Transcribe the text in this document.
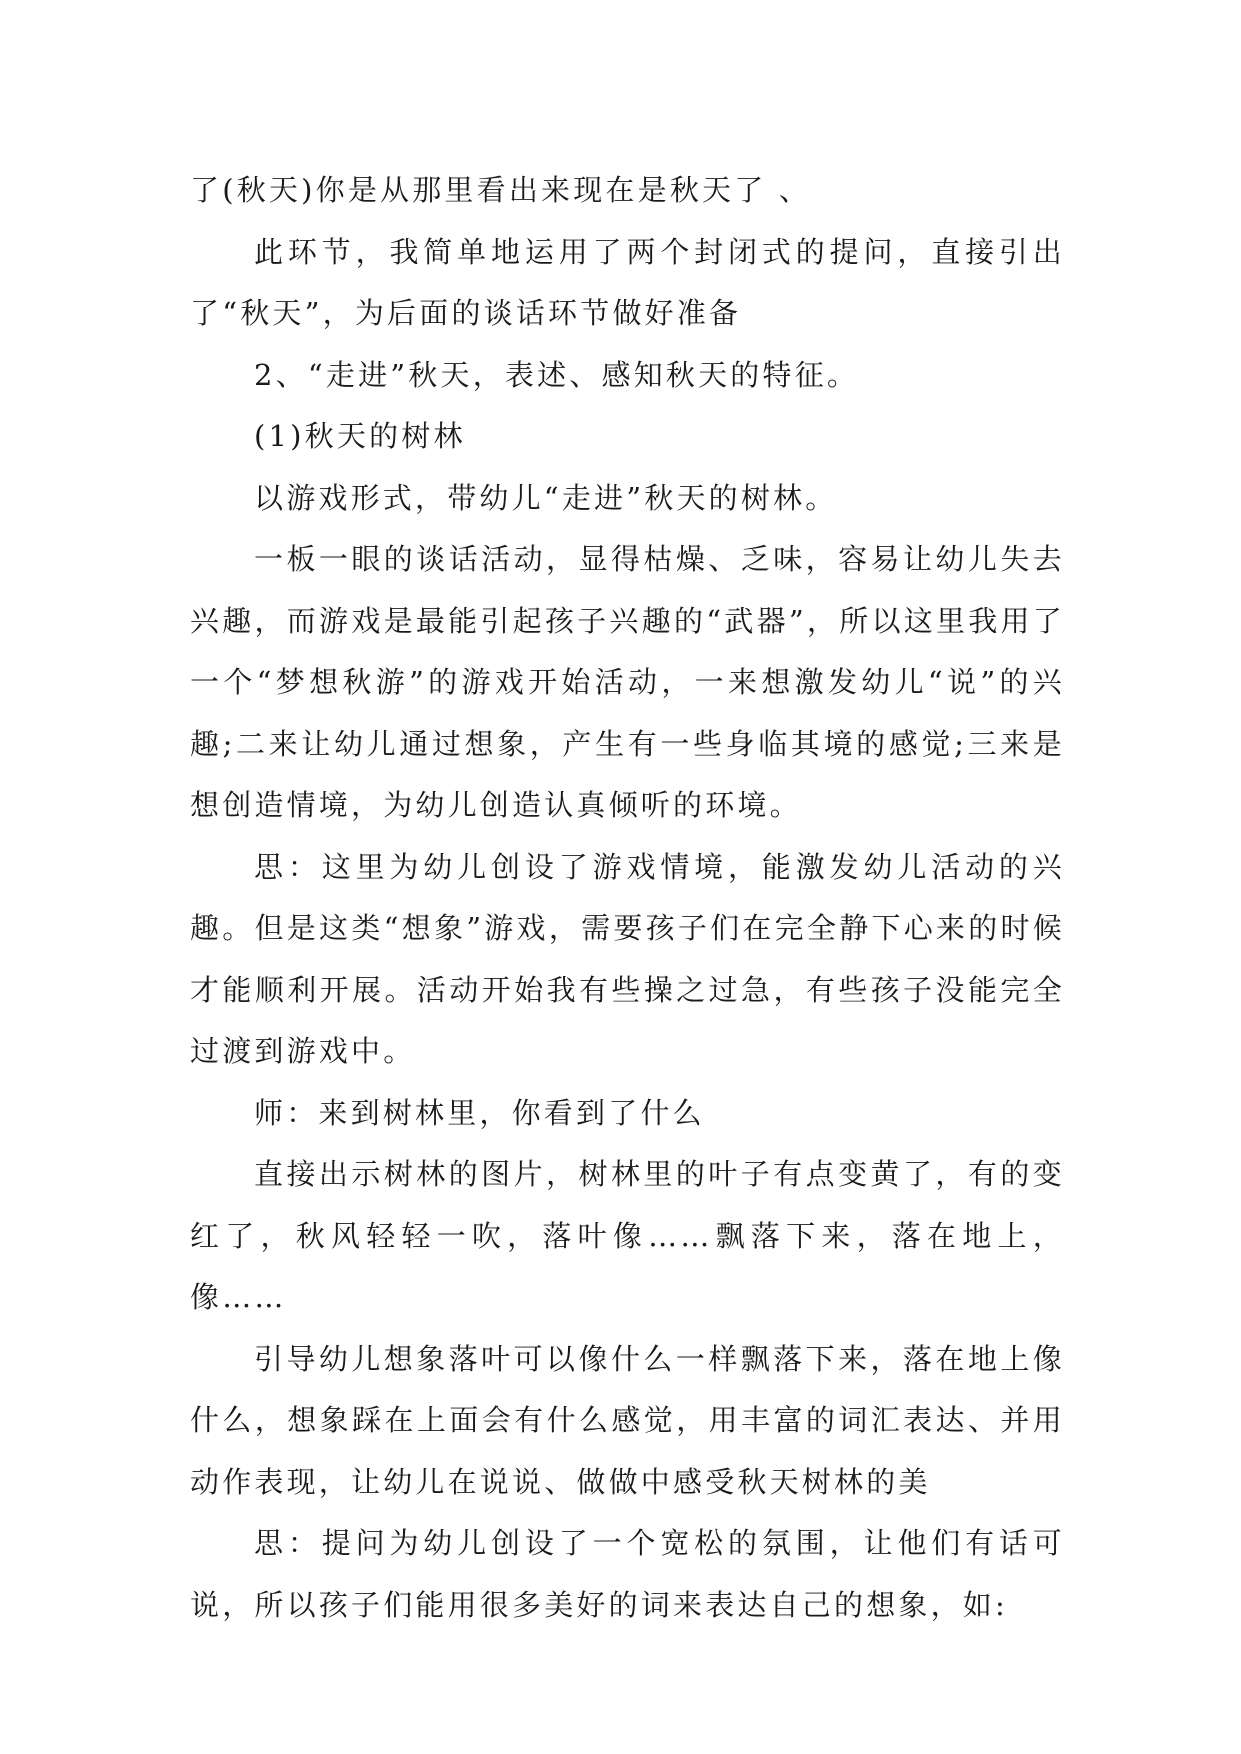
了(秋天)你是从那里看出来现在是秋天了 、

此环节，我简单地运用了两个封闭式的提问，直接引出了“秋天”，为后面的谈话环节做好准备

2、“走进”秋天，表述、感知秋天的特征。

(1)秋天的树林

以游戏形式，带幼儿“走进”秋天的树林。

一板一眼的谈话活动，显得枯燥、乏味，容易让幼儿失去兴趣，而游戏是最能引起孩子兴趣的“武器”，所以这里我用了一个“梦想秋游”的游戏开始活动，一来想激发幼儿“说”的兴趣;二来让幼儿通过想象，产生有一些身临其境的感觉;三来是想创造情境，为幼儿创造认真倾听的环境。

思：这里为幼儿创设了游戏情境，能激发幼儿活动的兴趣。但是这类“想象”游戏，需要孩子们在完全静下心来的时候才能顺利开展。活动开始我有些操之过急，有些孩子没能完全过渡到游戏中。

师：来到树林里，你看到了什么

直接出示树林的图片，树林里的叶子有点变黄了，有的变红了，秋风轻轻一吹，落叶像……飘落下来，落在地上，像……

引导幼儿想象落叶可以像什么一样飘落下来，落在地上像什么，想象踩在上面会有什么感觉，用丰富的词汇表达、并用动作表现，让幼儿在说说、做做中感受秋天树林的美

思：提问为幼儿创设了一个宽松的氛围，让他们有话可说，所以孩子们能用很多美好的词来表达自己的想象，如:
